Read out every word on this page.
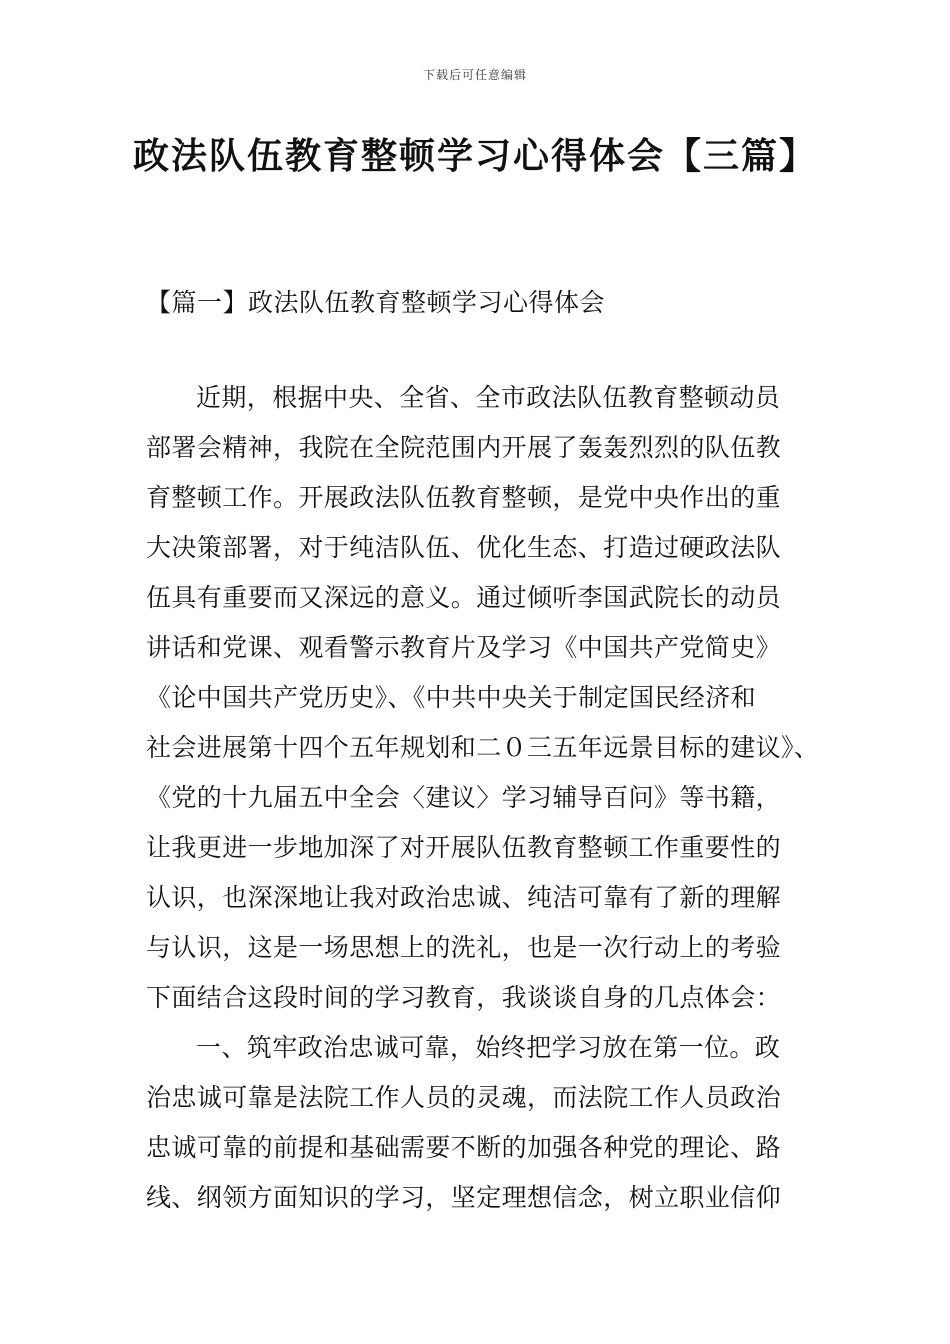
下载后可任意编辑
政法队伍教育整顿学习心得体会【三篇】
【篇一】政法队伍教育整顿学习心得体会
近期，根据中央、全省、全市政法队伍教育整顿动员
部署会精神，我院在全院范围内开展了轰轰烈烈的队伍教
育整顿工作。开展政法队伍教育整顿，是党中央作出的重
大决策部署，对于纯洁队伍、优化生态、打造过硬政法队
伍具有重要而又深远的意义。通过倾听李国武院长的动员
讲话和党课、观看警示教育片及学习《中国共产党简史》
《论中国共产党历史》、《中共中央关于制定国民经济和
社会进展第十四个五年规划和二０三五年远景目标的建议》、
《党的十九届五中全会〈建议〉学习辅导百问》等书籍，
让我更进一步地加深了对开展队伍教育整顿工作重要性的
认识，也深深地让我对政治忠诚、纯洁可靠有了新的理解
与认识，这是一场思想上的洗礼，也是一次行动上的考验
下面结合这段时间的学习教育，我谈谈自身的几点体会：
一、筑牢政治忠诚可靠，始终把学习放在第一位。政
治忠诚可靠是法院工作人员的灵魂，而法院工作人员政治
忠诚可靠的前提和基础需要不断的加强各种党的理论、路
线、纲领方面知识的学习，坚定理想信念，树立职业信仰
